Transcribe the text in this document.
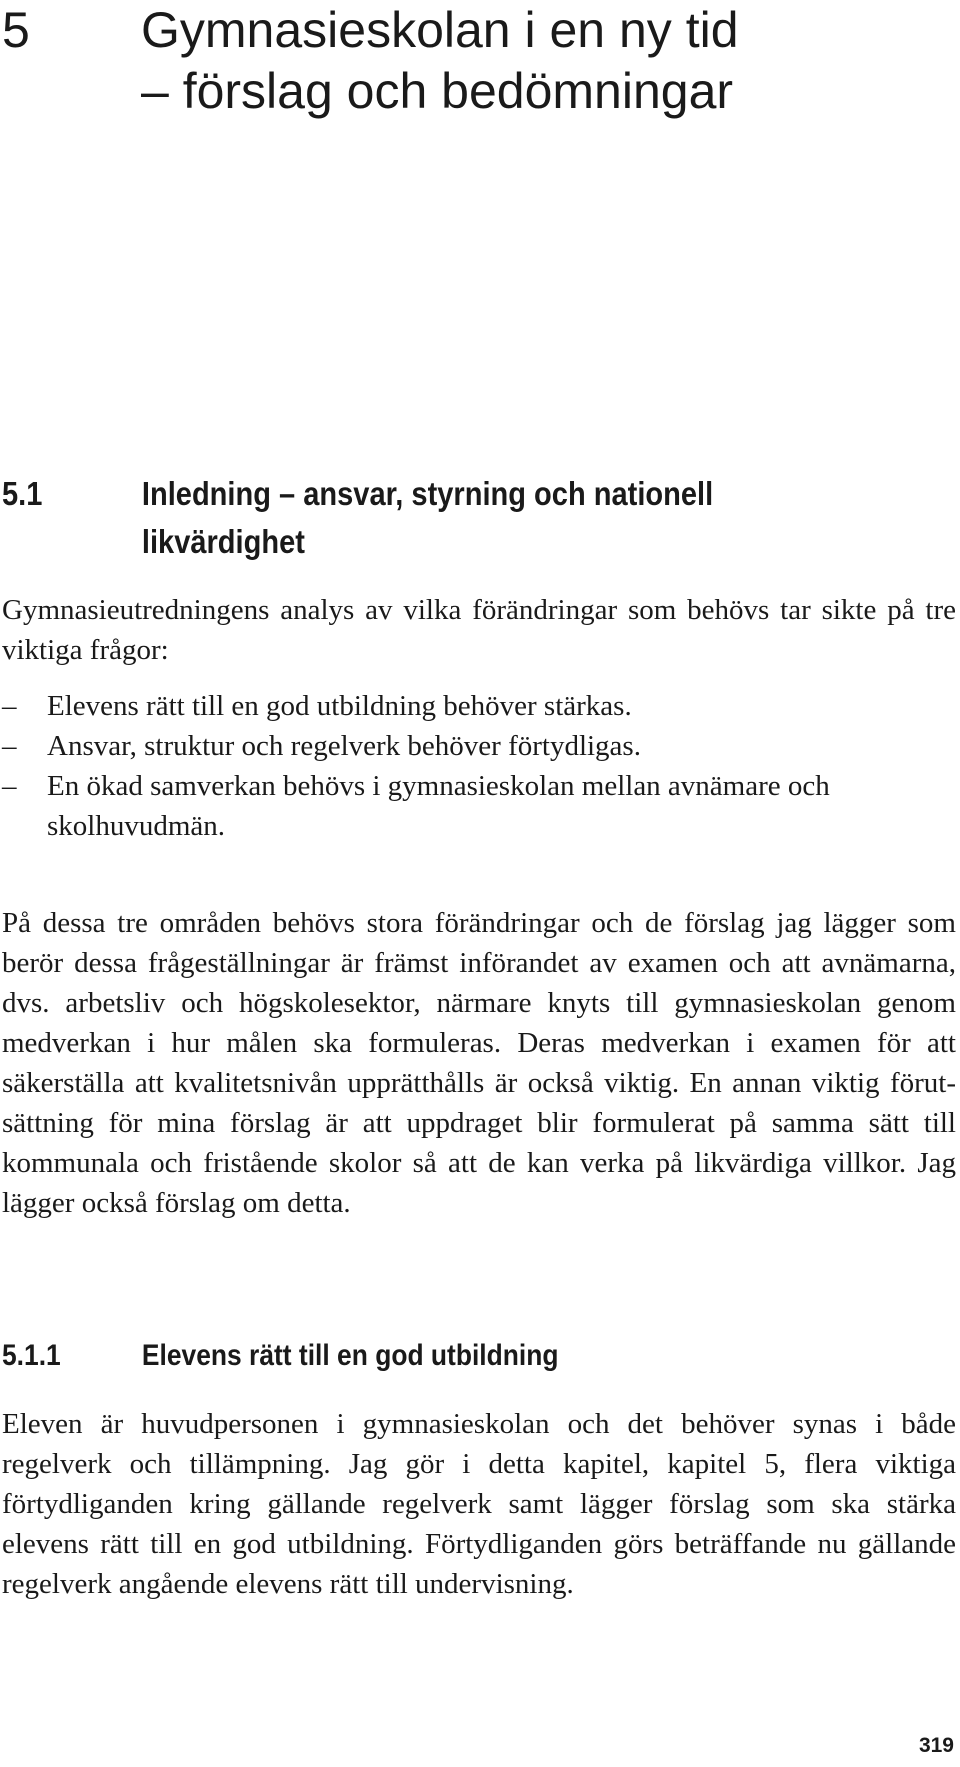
5 Gymnasieskolan i en ny tid
– förslag och bedömningar
5.1	Inledning – ansvar, styrning och nationell
likvärdighet

Gymnasieutredningens analys av vilka förändringar som behövs tar sikte på tre viktiga frågor:

– Elevens rätt till en god utbildning behöver stärkas.
– Ansvar, struktur och regelverk behöver förtydligas.
– En ökad samverkan behövs i gymnasieskolan mellan avnämare och skolhuvudmän.

På dessa tre områden behövs stora förändringar och de förslag jag lägger som berör dessa frågeställningar är främst införandet av examen och att avnämarna, dvs. arbetsliv och högskolesektor, närmare knyts till gymnasieskolan genom medverkan i hur målen ska formuleras. Deras medverkan i examen för att säkerställa att kvalitetsnivån upprätthålls är också viktig. En annan viktig förutsättning för mina förslag är att uppdraget blir formulerat på samma sätt till kommunala och fristående skolor så att de kan verka på likvärdiga villkor. Jag lägger också förslag om detta.

5.1.1	Elevens rätt till en god utbildning

Eleven är huvudpersonen i gymnasieskolan och det behöver synas i både regelverk och tillämpning. Jag gör i detta kapitel, kapitel 5, flera viktiga förtydliganden kring gällande regelverk samt lägger förslag som ska stärka elevens rätt till en god utbildning. Förtydliganden görs beträffande nu gällande regelverk angående elevens rätt till undervisning.

319
